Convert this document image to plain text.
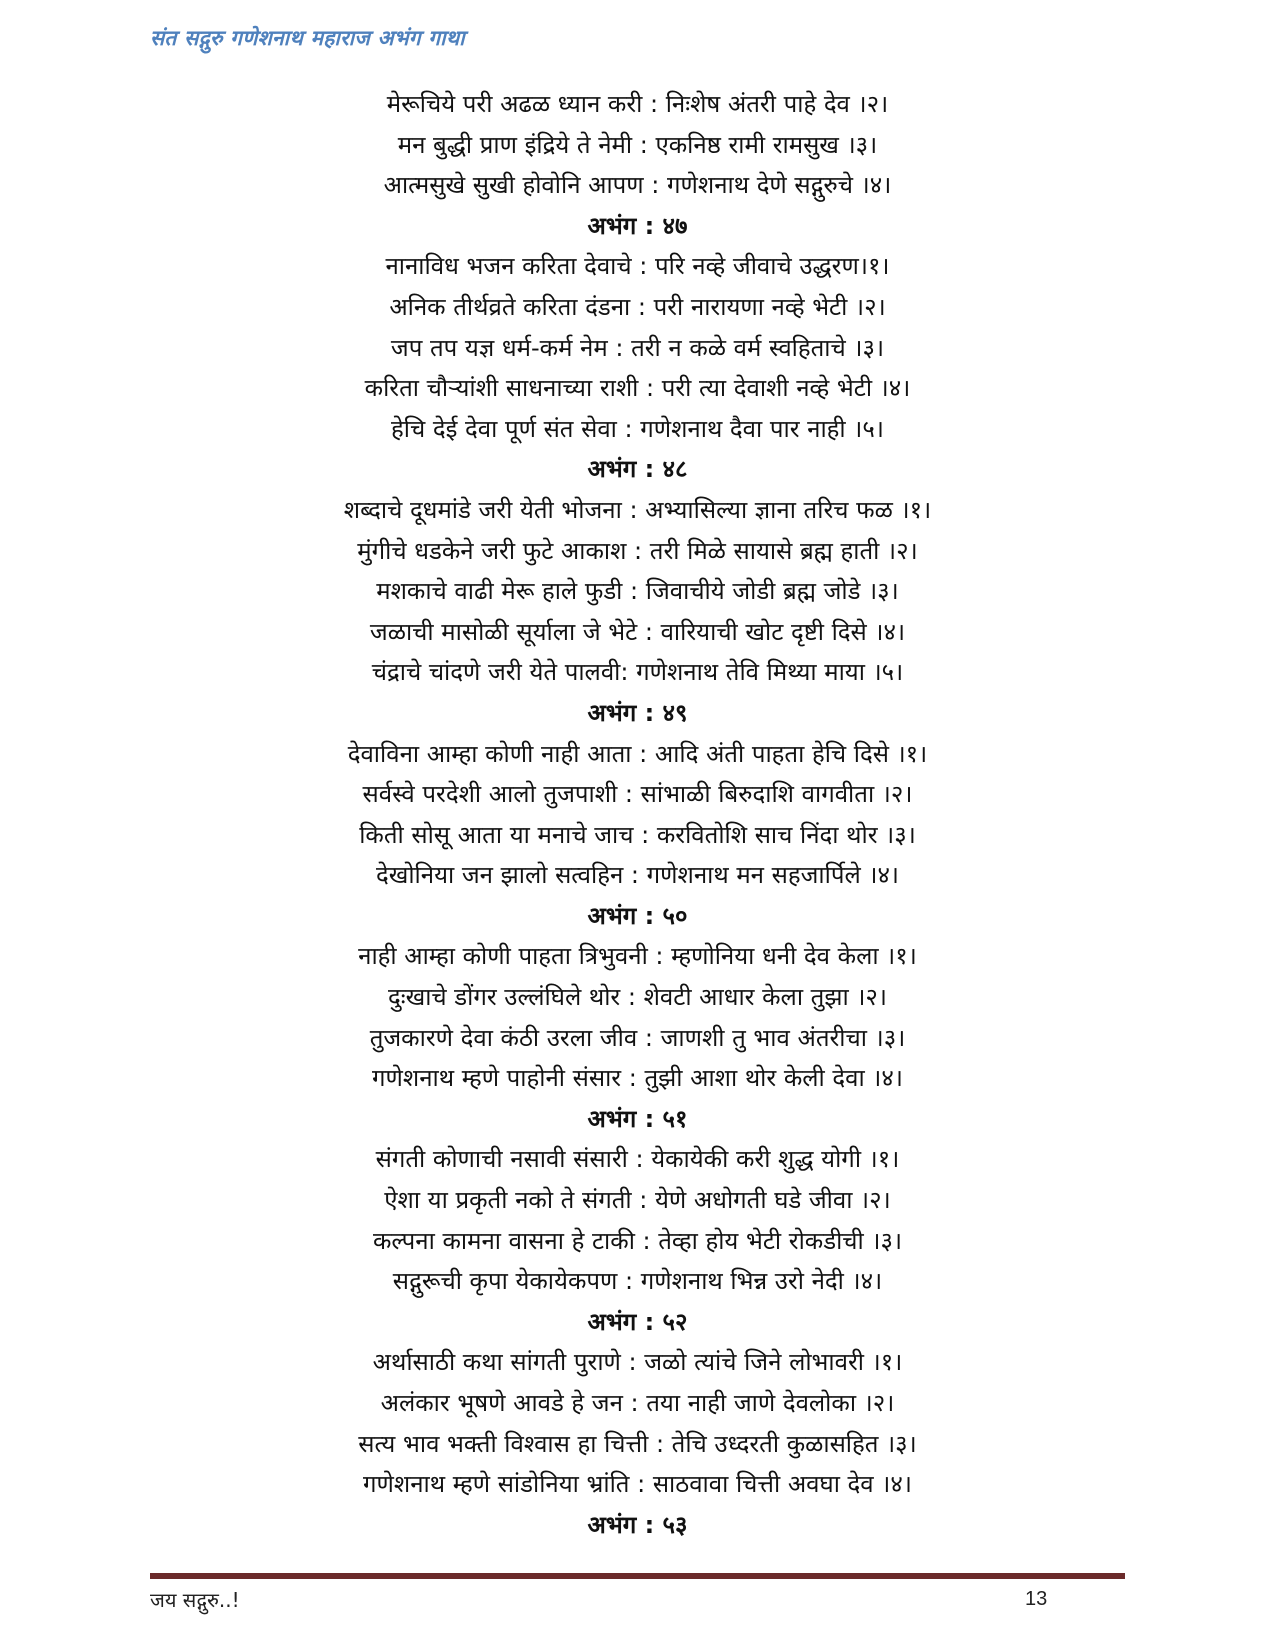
संत सद्गुरु गणेशनाथ महाराज अभंग गाथा
मेरूचिये परी अढळ ध्यान करी : निःशेष अंतरी पाहे देव ।२।
मन बुद्धी प्राण इंद्रिये ते नेमी : एकनिष्ठ रामी रामसुख ।३।
आत्मसुखे सुखी होवोनि आपण : गणेशनाथ देणे सद्गुरुचे ।४।
अभंग : ४७
नानाविध भजन करिता देवाचे : परि नव्हे जीवाचे उद्धरण।१।
अनिक तीर्थव्रते करिता दंडना : परी नारायणा नव्हे भेटी ।२।
जप तप यज्ञ धर्म-कर्म नेम : तरी न कळे वर्म स्वहिताचे ।३।
करिता चौऱ्यांशी साधनाच्या राशी : परी त्या देवाशी नव्हे भेटी ।४।
हेचि देई देवा पूर्ण संत सेवा : गणेशनाथ दैवा पार नाही ।५।
अभंग : ४८
शब्दाचे दूधमांडे जरी येती भोजना : अभ्यासिल्या ज्ञाना तरिच फळ ।१।
मुंगीचे धडकेने जरी फुटे आकाश : तरी मिळे सायासे ब्रह्म हाती ।२।
मशकाचे वाढी मेरू हाले फुडी : जिवाचीये जोडी ब्रह्म जोडे ।३।
जळाची मासोळी सूर्याला जे भेटे : वारियाची खोट दृष्टी दिसे ।४।
चंद्राचे चांदणे जरी येते पालवी: गणेशनाथ तेवि मिथ्या माया ।५।
अभंग : ४९
देवाविना आम्हा कोणी नाही आता : आदि अंती पाहता हेचि दिसे ।१।
सर्वस्वे परदेशी आलो तुजपाशी : सांभाळी बिरुदाशि वागवीता ।२।
किती सोसू आता या मनाचे जाच : करवितोशि साच निंदा थोर ।३।
देखोनिया जन झालो सत्वहिन : गणेशनाथ मन सहजार्पिले ।४।
अभंग : ५०
नाही आम्हा कोणी पाहता त्रिभुवनी : म्हणोनिया धनी देव केला ।१।
दुःखाचे डोंगर उल्लंघिले थोर : शेवटी आधार केला तुझा ।२।
तुजकारणे देवा कंठी उरला जीव : जाणशी तु भाव अंतरीचा ।३।
गणेशनाथ म्हणे पाहोनी संसार : तुझी आशा थोर केली देवा ।४।
अभंग : ५१
संगती कोणाची नसावी संसारी : येकायेकी करी शुद्ध योगी ।१।
ऐशा या प्रकृती नको ते संगती : येणे अधोगती घडे जीवा ।२।
कल्पना कामना वासना हे टाकी : तेव्हा होय भेटी रोकडीची ।३।
सद्गुरूची कृपा येकायेकपण : गणेशनाथ भिन्न उरो नेदी ।४।
अभंग : ५२
अर्थासाठी कथा सांगती पुराणे : जळो त्यांचे जिने लोभावरी ।१।
अलंकार भूषणे आवडे हे जन : तया नाही जाणे देवलोका ।२।
सत्य भाव भक्ती विश्वास हा चित्ती : तेचि उध्दरती कुळासहित ।३।
गणेशनाथ म्हणे सांडोनिया भ्रांति : साठवावा चित्ती अवघा देव ।४।
अभंग : ५३
जय सद्गुरु..!	13
